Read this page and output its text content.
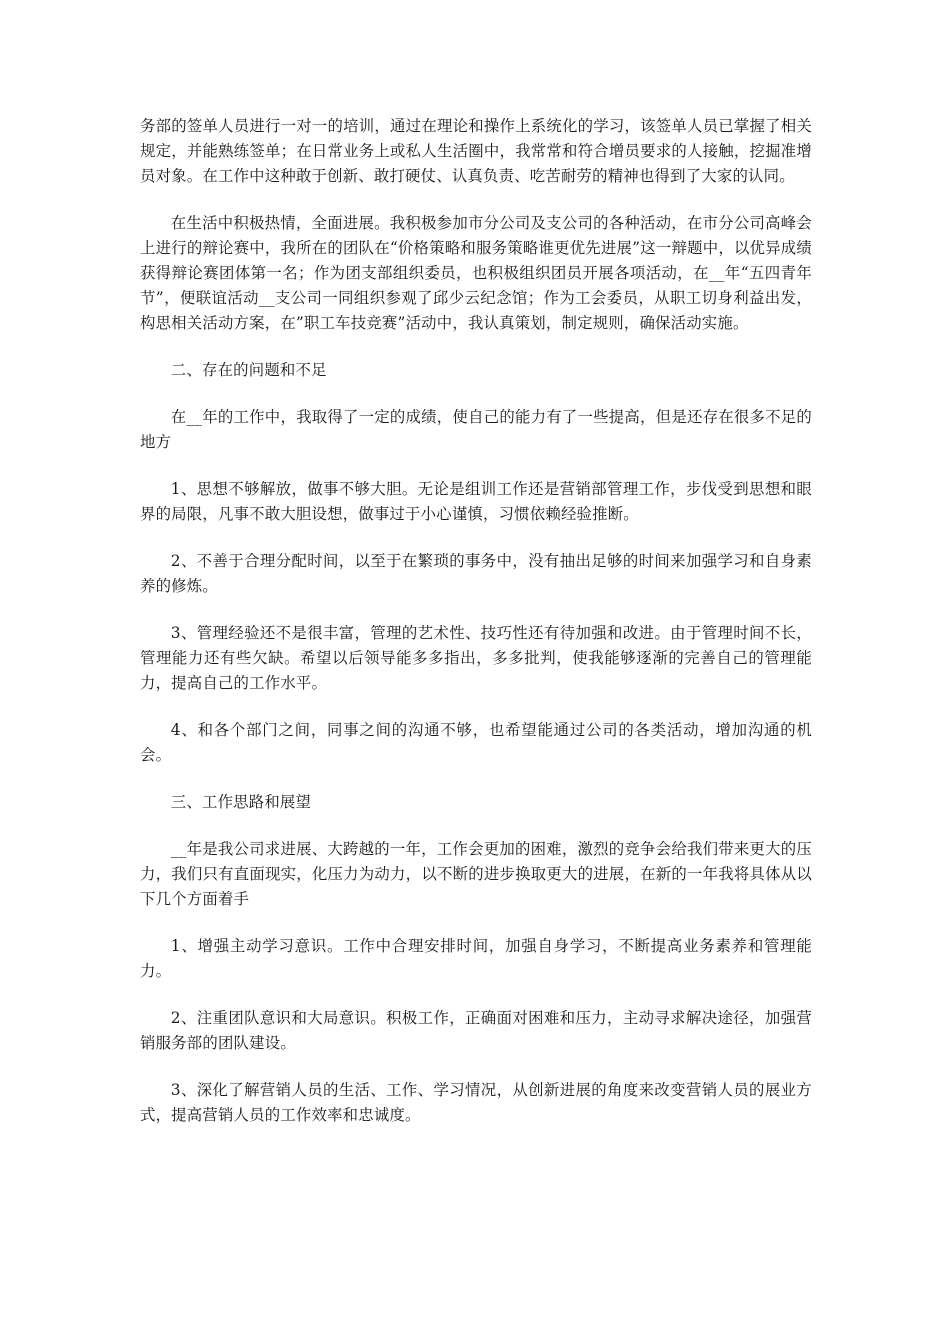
务部的签单人员进行一对一的培训，通过在理论和操作上系统化的学习，该签单人员已掌握了相关规定，并能熟练签单；在日常业务上或私人生活圈中，我常常和符合增员要求的人接触，挖掘准增员对象。在工作中这种敢于创新、敢打硬仗、认真负责、吃苦耐劳的精神也得到了大家的认同。

在生活中积极热情，全面进展。我积极参加市分公司及支公司的各种活动，在市分公司高峰会上进行的辩论赛中，我所在的团队在“价格策略和服务策略谁更优先进展”这一辩题中，以优异成绩获得辩论赛团体第一名；作为团支部组织委员，也积极组织团员开展各项活动，在__年“五四青年节”，便联谊活动__支公司一同组织参观了邱少云纪念馆；作为工会委员，从职工切身利益出发，构思相关活动方案，在”职工车技竞赛”活动中，我认真策划，制定规则，确保活动实施。

二、存在的问题和不足

在__年的工作中，我取得了一定的成绩，使自己的能力有了一些提高，但是还存在很多不足的地方

1、思想不够解放，做事不够大胆。无论是组训工作还是营销部管理工作，步伐受到思想和眼界的局限，凡事不敢大胆设想，做事过于小心谨慎，习惯依赖经验推断。

2、不善于合理分配时间，以至于在繁琐的事务中，没有抽出足够的时间来加强学习和自身素养的修炼。

3、管理经验还不是很丰富，管理的艺术性、技巧性还有待加强和改进。由于管理时间不长，管理能力还有些欠缺。希望以后领导能多多指出，多多批判，使我能够逐渐的完善自己的管理能力，提高自己的工作水平。

4、和各个部门之间，同事之间的沟通不够，也希望能通过公司的各类活动，增加沟通的机会。

三、工作思路和展望

__年是我公司求进展、大跨越的一年，工作会更加的困难，激烈的竞争会给我们带来更大的压力，我们只有直面现实，化压力为动力，以不断的进步换取更大的进展，在新的一年我将具体从以下几个方面着手

1、增强主动学习意识。工作中合理安排时间，加强自身学习，不断提高业务素养和管理能力。

2、注重团队意识和大局意识。积极工作，正确面对困难和压力，主动寻求解决途径，加强营销服务部的团队建设。

3、深化了解营销人员的生活、工作、学习情况，从创新进展的角度来改变营销人员的展业方式，提高营销人员的工作效率和忠诚度。
